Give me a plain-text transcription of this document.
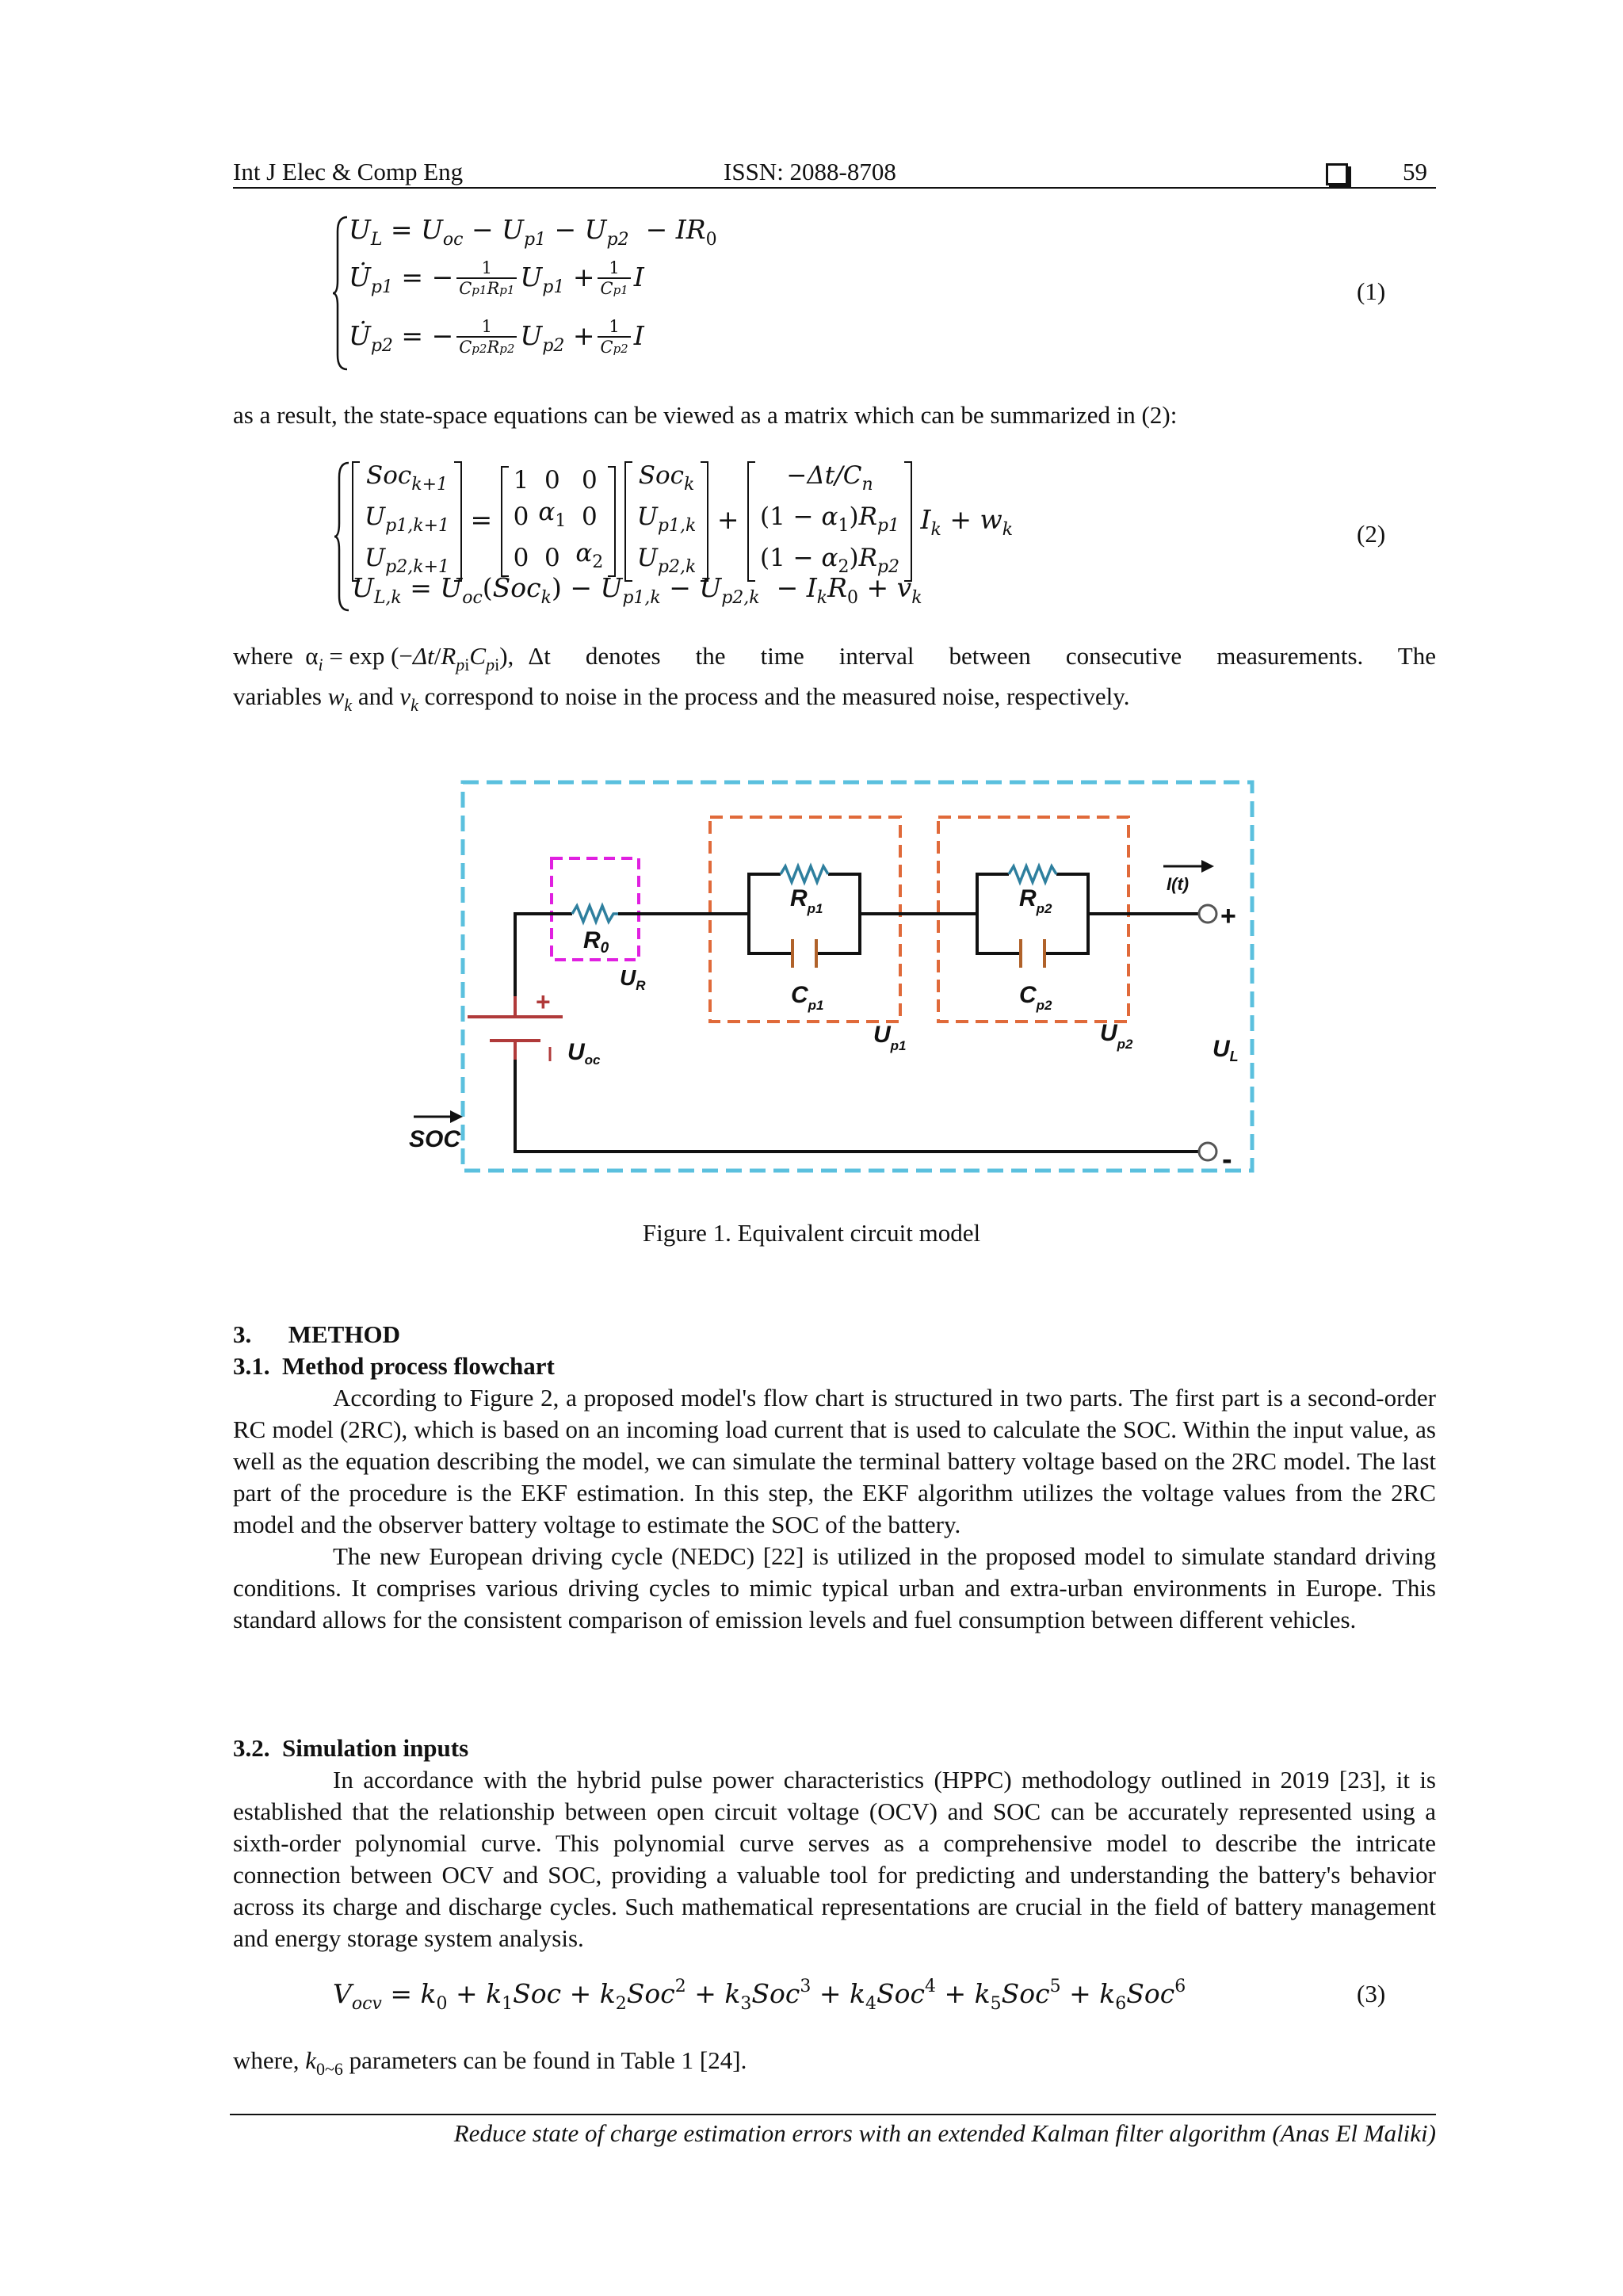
Int J Elec & Comp Eng	ISSN: 2088-8708	59
$U_L = U_{oc} - U_{p1} - U_{p2} - IR_0$
$U̇_{p1}$ = − $\frac{1}{Cp1Rp1} U_{p1} + \frac{1}{Cp1}$ I
$U̇_{p2}$ = − $\frac{1}{Cp2Rp2} U_{p2} + \frac{1}{Cp2}$ I
(1)
as a result, the state-space equations can be viewed as a matrix which can be summarized in (2):
Soc$_{k+1}$
$U_{p1,k+1}$
$U_{p2,k+1}$
=
1	0	0
0	$\alpha_1$	0
0	0	$\alpha_2$

Soc$_k$
$U_{p1,k}$
$U_{p2,k}$
+
$-\Delta t/C_n$
$(1 - \alpha_1)R_{p1}$
$(1 - \alpha_2)R_{p2}$
$I_k + w_k$
$U_{L,k} = U_{oc}(Soc_k) - U_{p1,k} - U_{p2,k} - I_kR_0 + v_k$
(2)
where $\alpha_i = \exp (-\Delta t/R_{pi}C_{pi})$, Δt denotes the time interval between consecutive measurements. The
variables $w_k$ and $v_k$ correspond to noise in the process and the measured noise, respectively.
$R_0$
$U_R$
$R_{p1}$
$C_{p1}$
$R_{p2}$
$C_{p2}$
$U_{p1}$	$U_{p2}$
$U_{oc}$	$U_L$
I(t)
SOC
+
-
+
Figure 1. Equivalent circuit model
3.      METHOD
3.1.  Method process flowchart

According to Figure 2, a proposed model's flow chart is structured in two parts. The first part is a second-order RC model (2RC), which is based on an incoming load current that is used to calculate the SOC. Within the input value, as well as the equation describing the model, we can simulate the terminal battery voltage based on the 2RC model. The last part of the procedure is the EKF estimation. In this step, the EKF algorithm utilizes the voltage values from the 2RC model and the observer battery voltage to estimate the SOC of the battery.

The new European driving cycle (NEDC) [22] is utilized in the proposed model to simulate standard driving conditions. It comprises various driving cycles to mimic typical urban and extra-urban environments in Europe. This standard allows for the consistent comparison of emission levels and fuel consumption between different vehicles.

3.2.  Simulation inputs

In accordance with the hybrid pulse power characteristics (HPPC) methodology outlined in 2019 [23], it is established that the relationship between open circuit voltage (OCV) and SOC can be accurately represented using a sixth-order polynomial curve. This polynomial curve serves as a comprehensive model to describe the intricate connection between OCV and SOC, providing a valuable tool for predicting and understanding the battery's behavior across its charge and discharge cycles. Such mathematical representations are crucial in the field of battery management and energy storage system analysis.

$V_{ocv} = k_0 + k_1Soc + k_2Soc^2 + k_3Soc^3 + k_4Soc^4 + k_5Soc^5 + k_6Soc^6$	(3)
where, $k_{0\sim 6}$ parameters can be found in Table 1 [24].
Reduce state of charge estimation errors with an extended Kalman filter algorithm (Anas El Maliki)
